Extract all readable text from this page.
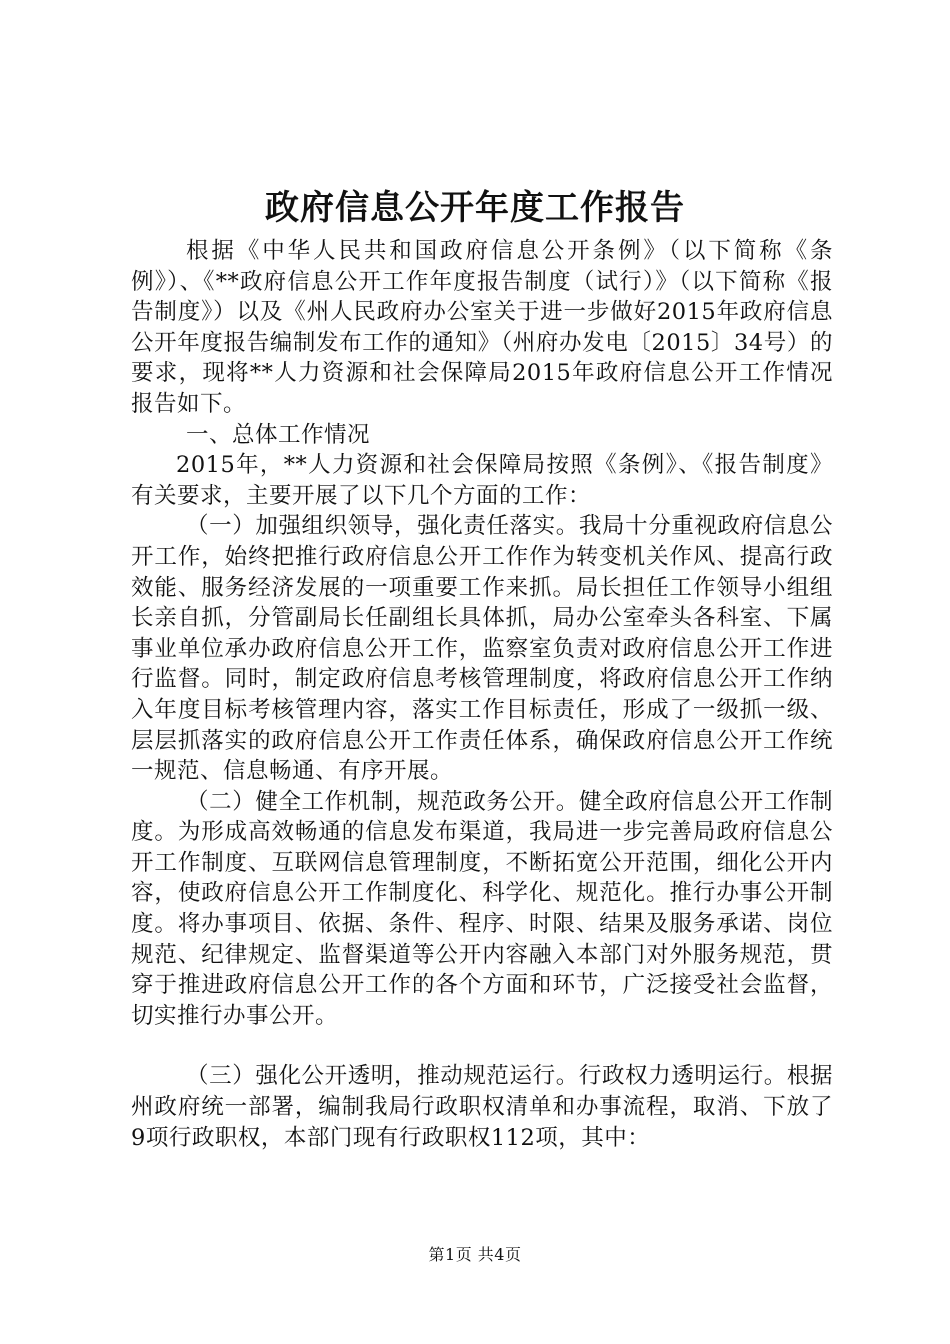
政府信息公开年度工作报告

根据《中华人民共和国政府信息公开条例》（以下简称《条例》）、《**政府信息公开工作年度报告制度（试行）》（以下简称《报告制度》）以及《州人民政府办公室关于进一步做好2015年政府信息公开年度报告编制发布工作的通知》（州府办发电〔2015〕34号）的要求，现将**人力资源和社会保障局2015年政府信息公开工作情况报告如下。

一、总体工作情况

2015年，**人力资源和社会保障局按照《条例》、《报告制度》有关要求，主要开展了以下几个方面的工作：

（一）加强组织领导，强化责任落实。我局十分重视政府信息公开工作，始终把推行政府信息公开工作作为转变机关作风、提高行政效能、服务经济发展的一项重要工作来抓。局长担任工作领导小组组长亲自抓，分管副局长任副组长具体抓，局办公室牵头各科室、下属事业单位承办政府信息公开工作，监察室负责对政府信息公开工作进行监督。同时，制定政府信息考核管理制度，将政府信息公开工作纳入年度目标考核管理内容，落实工作目标责任，形成了一级抓一级、层层抓落实的政府信息公开工作责任体系，确保政府信息公开工作统一规范、信息畅通、有序开展。

（二）健全工作机制，规范政务公开。健全政府信息公开工作制度。为形成高效畅通的信息发布渠道，我局进一步完善局政府信息公开工作制度、互联网信息管理制度，不断拓宽公开范围，细化公开内容，使政府信息公开工作制度化、科学化、规范化。推行办事公开制度。将办事项目、依据、条件、程序、时限、结果及服务承诺、岗位规范、纪律规定、监督渠道等公开内容融入本部门对外服务规范，贯穿于推进政府信息公开工作的各个方面和环节，广泛接受社会监督，切实推行办事公开。

（三）强化公开透明，推动规范运行。行政权力透明运行。根据州政府统一部署，编制我局行政职权清单和办事流程，取消、下放了9项行政职权，本部门现有行政职权112项，其中：

第1页 共4页
